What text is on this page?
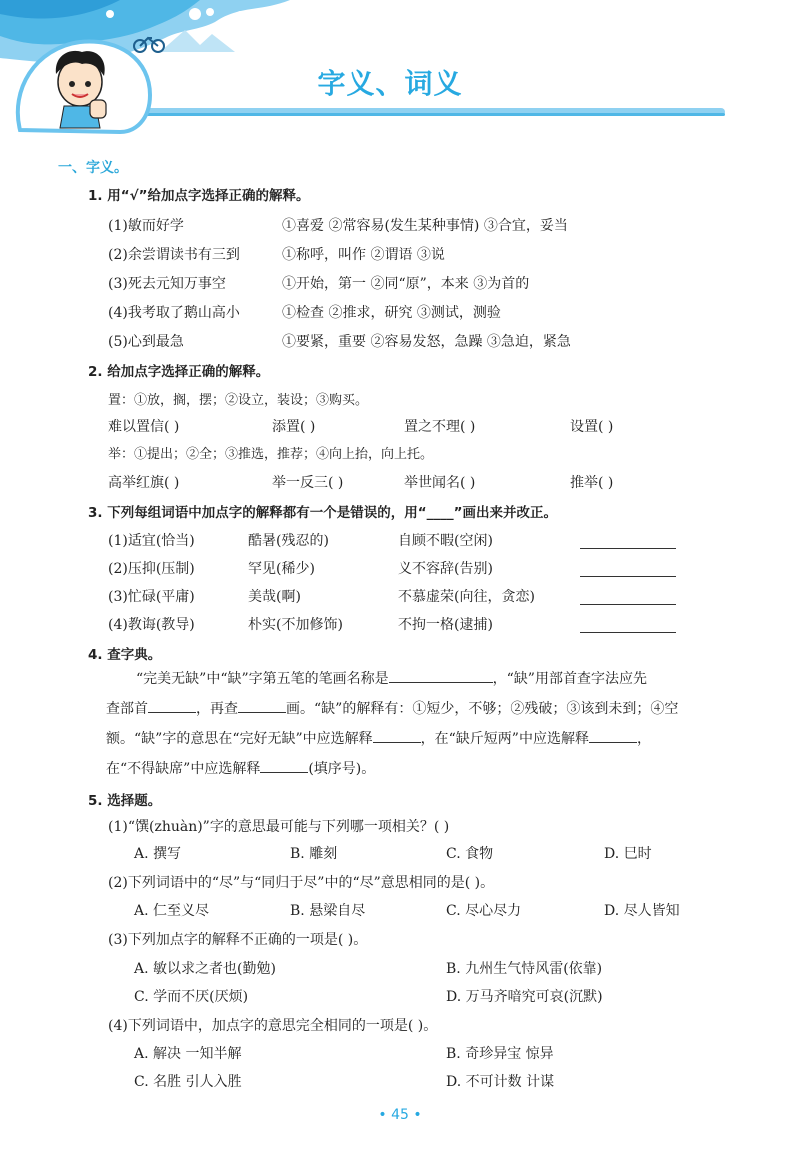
字义、词义
一、字义。
1. 用“√”给加点字选择正确的解释。
(1)敏而好学	①喜爱 ②常容易(发生某种事情) ③合宜，妥当
(2)余尝谓读书有三到	①称呼，叫作 ②谓语 ③说
(3)死去元知万事空	①开始，第一 ②同“原”，本来 ③为首的
(4)我考取了鹅山高小	①检查 ②推求，研究 ③测试，测验
(5)心到最急	①要紧，重要 ②容易发怒，急躁 ③急迫，紧急
2. 给加点字选择正确的解释。
置：①放，搁，摆；②设立，装设；③购买。
难以置信( )	添置( )	置之不理( )	设置( )
举：①提出；②全；③推选，推荐；④向上抬，向上托。
高举红旗( )	举一反三( )	举世闻名( )	推举( )
3. 下列每组词语中加点字的解释都有一个是错误的，用“____”画出来并改正。
(1)适宜(恰当)	酷暑(残忍的)	自顾不暇(空闲)
(2)压抑(压制)	罕见(稀少)	义不容辞(告别)
(3)忙碌(平庸)	美哉(啊)	不慕虚荣(向往，贪恋)
(4)教诲(教导)	朴实(不加修饰)	不拘一格(逮捕)
4. 查字典。
“完美无缺”中“缺”字第五笔的笔画名称是	，“缺”用部首查字法应先
查部首	，再查	画。“缺”的解释有：①短少，不够；②残破；③该到未到；④空
额。“缺”字的意思在“完好无缺”中应选解释	，在“缺斤短两”中应选解释	，
在“不得缺席”中应选解释	(填序号)。
5. 选择题。
(1)“馔(zhuàn)”字的意思最可能与下列哪一项相关？( )
A. 撰写	B. 雕刻	C. 食物	D. 巳时
(2)下列词语中的“尽”与“同归于尽”中的“尽”意思相同的是( )。
A. 仁至义尽	B. 悬梁自尽	C. 尽心尽力	D. 尽人皆知
(3)下列加点字的解释不正确的一项是( )。
A. 敏以求之者也(勤勉)	B. 九州生气恃风雷(依靠)
C. 学而不厌(厌烦)	D. 万马齐喑究可哀(沉默)
(4)下列词语中，加点字的意思完全相同的一项是( )。
A. 解决 一知半解	B. 奇珍异宝 惊异
C. 名胜 引人入胜	D. 不可计数 计谋
• 45 •
